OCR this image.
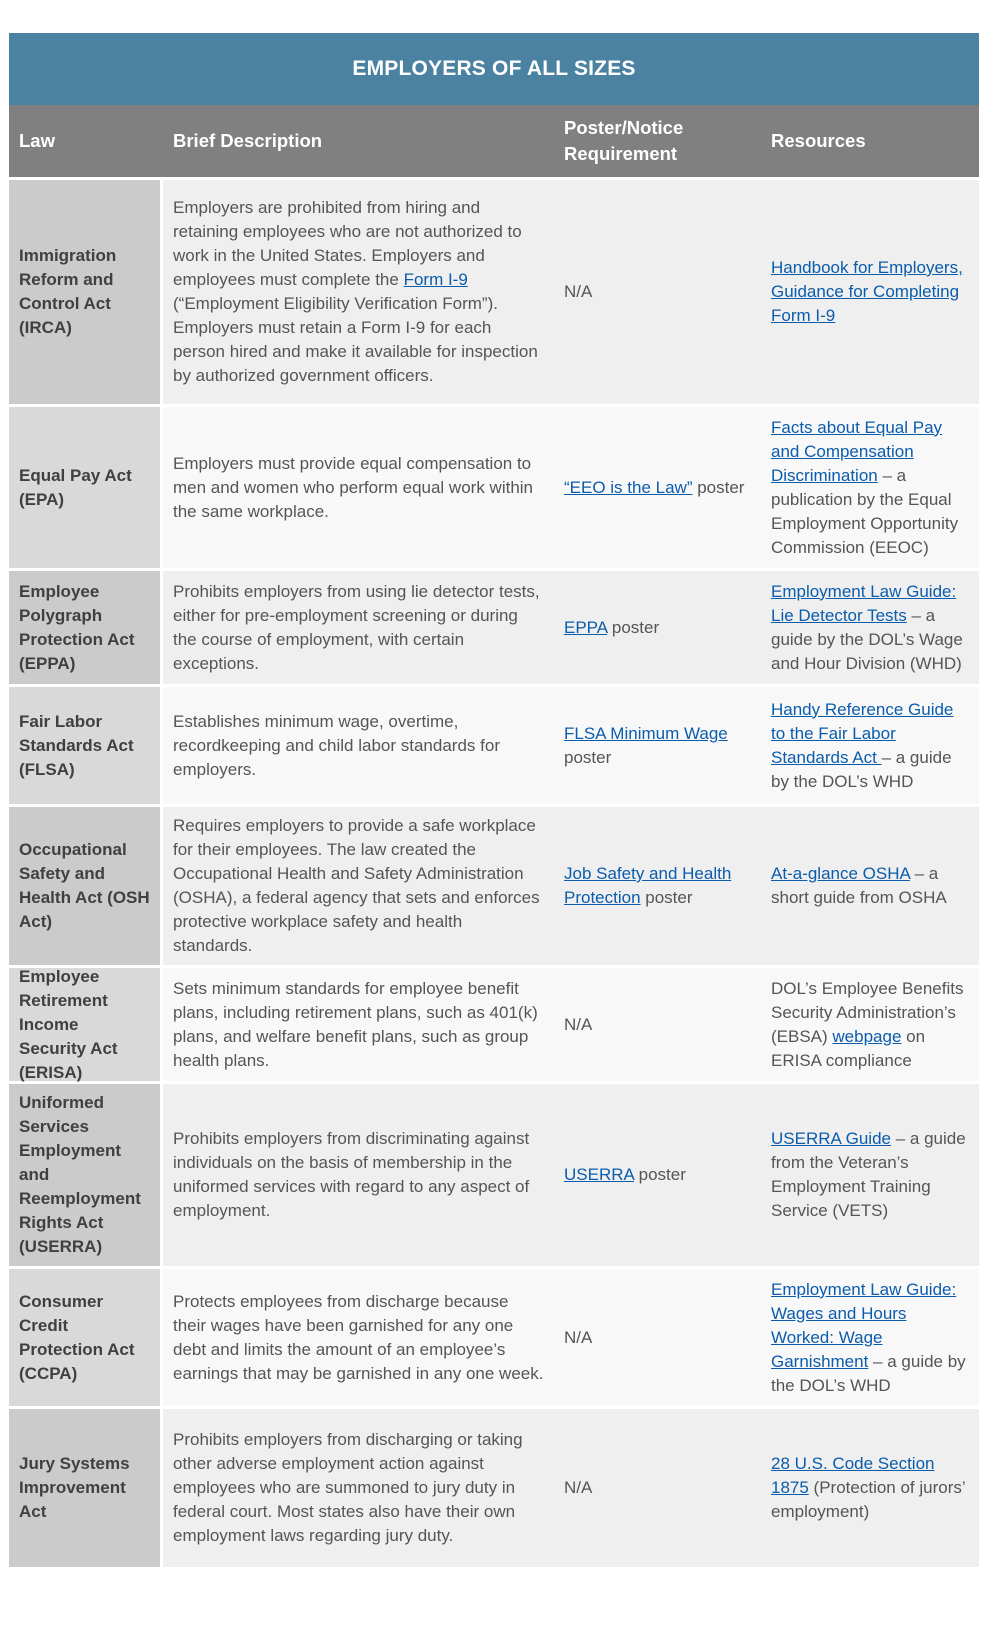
EMPLOYERS OF ALL SIZES
Law	Brief Description
Poster/Notice Requirement
Resources
Immigration Reform and Control Act (IRCA)
Employers are prohibited from hiring and retaining employees who are not authorized to work in the United States. Employers and employees must complete the Form I-9 (“Employment Eligibility Verification Form”). Employers must retain a Form I-9 for each person hired and make it available for inspection by authorized government officers.
N/A
Handbook for Employers, Guidance for Completing Form I-9
Equal Pay Act (EPA)
Employers must provide equal compensation to men and women who perform equal work within the same workplace.
“EEO is the Law” poster
Facts about Equal Pay and Compensation Discrimination – a publication by the Equal Employment Opportunity Commission (EEOC)
Employee Polygraph Protection Act (EPPA)
Prohibits employers from using lie detector tests, either for pre-employment screening or during the course of employment, with certain exceptions.
EPPA poster
Employment Law Guide: Lie Detector Tests – a guide by the DOL’s Wage and Hour Division (WHD)
Fair Labor Standards Act (FLSA)
Establishes minimum wage, overtime, recordkeeping and child labor standards for employers.
FLSA Minimum Wage poster
Handy Reference Guide to the Fair Labor Standards Act – a guide by the DOL’s WHD
Occupational Safety and Health Act (OSH Act)
Requires employers to provide a safe workplace for their employees. The law created the Occupational Health and Safety Administration (OSHA), a federal agency that sets and enforces protective workplace safety and health standards.
Job Safety and Health Protection poster
At-a-glance OSHA – a short guide from OSHA
Employee Retirement Income Security Act (ERISA)
Sets minimum standards for employee benefit plans, including retirement plans, such as 401(k) plans, and welfare benefit plans, such as group health plans.
N/A
DOL’s Employee Benefits Security Administration’s (EBSA) webpage on ERISA compliance
Uniformed Services Employment and Reemployment Rights Act (USERRA)
Prohibits employers from discriminating against individuals on the basis of membership in the uniformed services with regard to any aspect of employment.
USERRA poster
USERRA Guide – a guide from the Veteran’s Employment Training Service (VETS)
Consumer Credit Protection Act (CCPA)
Protects employees from discharge because their wages have been garnished for any one debt and limits the amount of an employee’s earnings that may be garnished in any one week.
N/A
Employment Law Guide: Wages and Hours Worked: Wage Garnishment – a guide by the DOL’s WHD
Jury Systems Improvement Act
Prohibits employers from discharging or taking other adverse employment action against employees who are summoned to jury duty in federal court. Most states also have their own employment laws regarding jury duty.
N/A
28 U.S. Code Section 1875 (Protection of jurors’ employment)
